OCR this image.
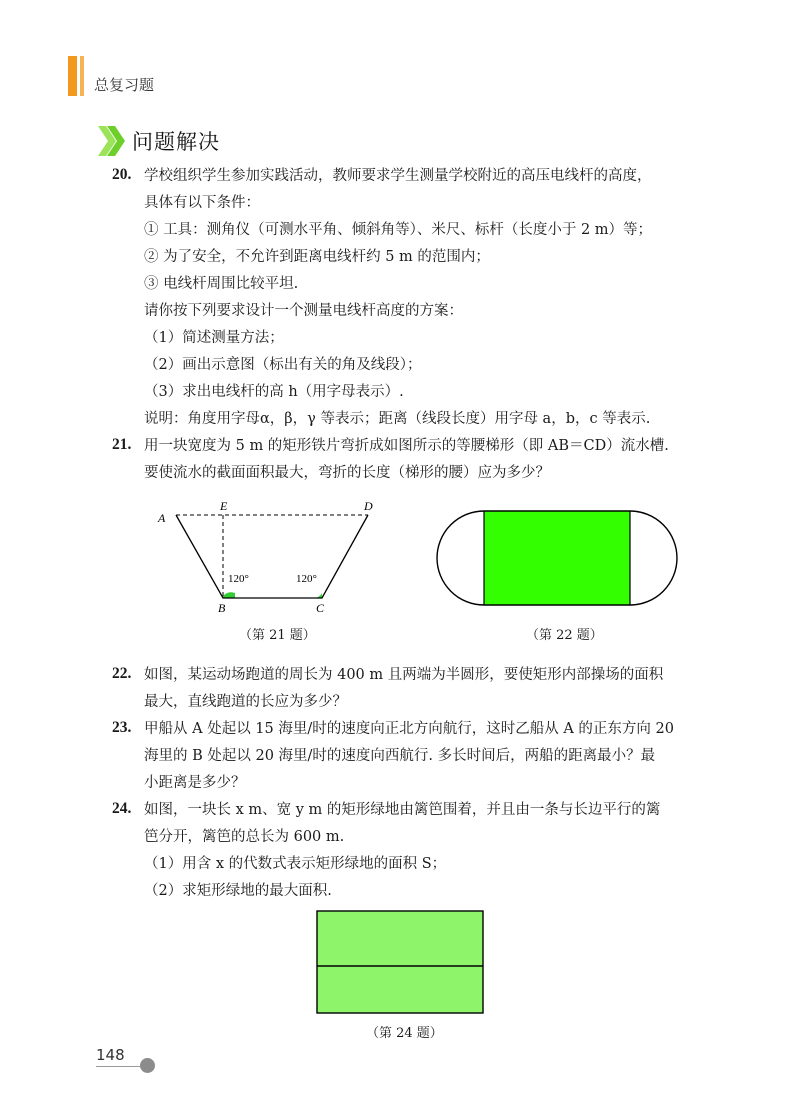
总复习题
问题解决
20. 学校组织学生参加实践活动，教师要求学生测量学校附近的高压电线杆的高度，
具体有以下条件：
① 工具：测角仪（可测水平角、倾斜角等）、米尺、标杆（长度小于 2 m）等；
② 为了安全，不允许到距离电线杆约 5 m 的范围内；
③ 电线杆周围比较平坦.
请你按下列要求设计一个测量电线杆高度的方案：
（1）简述测量方法；
（2）画出示意图（标出有关的角及线段）；
（3）求出电线杆的高 h（用字母表示）.
说明：角度用字母α，β，γ 等表示；距离（线段长度）用字母 a，b，c 等表示.
21. 用一块宽度为 5 m 的矩形铁片弯折成如图所示的等腰梯形（即 AB＝CD）流水槽.
要使流水的截面面积最大，弯折的长度（梯形的腰）应为多少？
A
E	D
B	C
120°	120°
（第 21 题）	（第 22 题）
22. 如图，某运动场跑道的周长为 400 m 且两端为半圆形，要使矩形内部操场的面积
最大，直线跑道的长应为多少？
23. 甲船从 A 处起以 15 海里/时的速度向正北方向航行，这时乙船从 A 的正东方向 20
海里的 B 处起以 20 海里/时的速度向西航行. 多长时间后，两船的距离最小？最
小距离是多少？
24. 如图，一块长 x m、宽 y m 的矩形绿地由篱笆围着，并且由一条与长边平行的篱
笆分开，篱笆的总长为 600 m.
（1）用含 x 的代数式表示矩形绿地的面积 S；
（2）求矩形绿地的最大面积.
（第 24 题）
148
